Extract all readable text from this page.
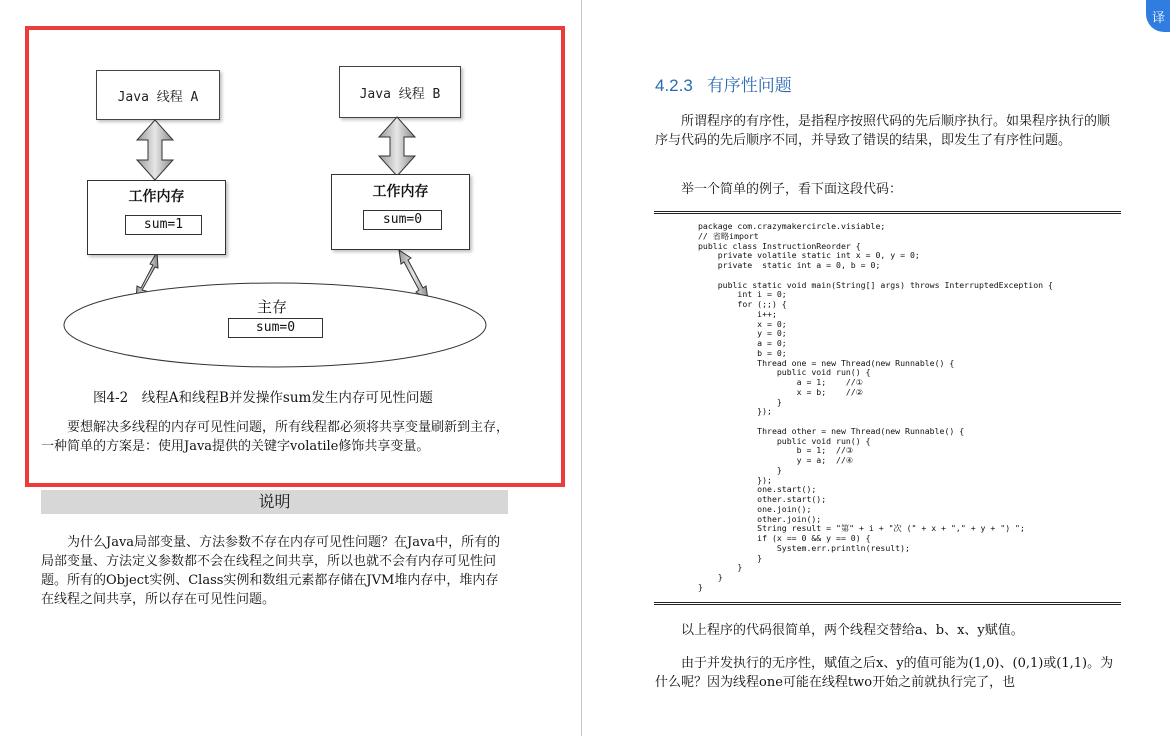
Java 线程 A	Java 线程 B
工作内存
sum=1
工作内存
sum=0
主存
sum=0
图4-2　线程A和线程B并发操作sum发生内存可见性问题

要想解决多线程的内存可见性问题，所有线程都必须将共享变量刷新到主存，一种简单的方案是：使用Java提供的关键字volatile修饰共享变量。

说明

为什么Java局部变量、方法参数不存在内存可见性问题？在Java中，所有的局部变量、方法定义参数都不会在线程之间共享，所以也就不会有内存可见性问题。所有的Object实例、Class实例和数组元素都存储在JVM堆内存中，堆内存在线程之间共享，所以存在可见性问题。

4.2.3 有序性问题

所谓程序的有序性，是指程序按照代码的先后顺序执行。如果程序执行的顺序与代码的先后顺序不同，并导致了错误的结果，即发生了有序性问题。

举一个简单的例子，看下面这段代码：

package com.crazymakercircle.visiable;
// 省略import
public class InstructionReorder {
private volatile static int x = 0, y = 0;
private  static int a = 0, b = 0;

public static void main(String[] args) throws InterruptedException {
int i = 0;
for (;;) {
i++;
x = 0;
y = 0;
a = 0;
b = 0;
Thread one = new Thread(new Runnable() {
public void run() {
a = 1;    //①
x = b;    //②
}
});

Thread other = new Thread(new Runnable() {
public void run() {
b = 1;  //③
y = a;  //④
}
});
one.start();
other.start();
one.join();
other.join();
String result = "第" + i + "次 (" + x + "," + y + ") ";
if (x == 0 && y == 0) {
System.err.println(result);
}
}
}
}

以上程序的代码很简单，两个线程交替给a、b、x、y赋值。

由于并发执行的无序性，赋值之后x、y的值可能为(1,0)、(0,1)或(1,1)。为什么呢？因为线程one可能在线程two开始之前就执行完了，也

译
